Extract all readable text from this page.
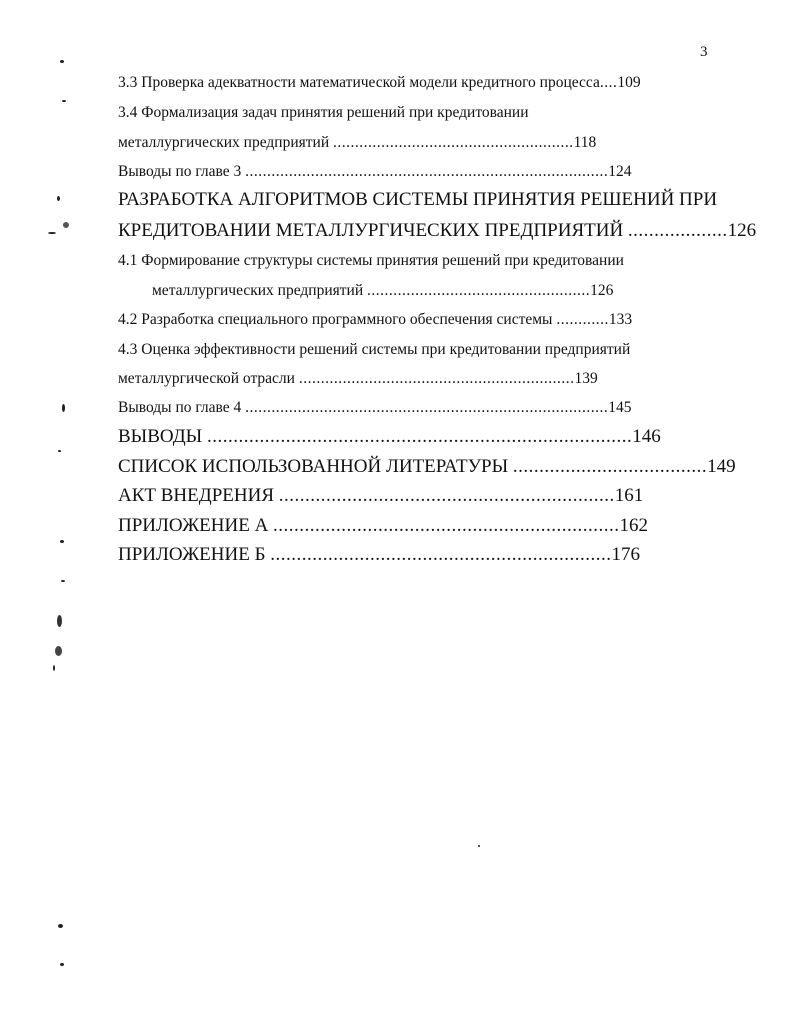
3
3.3 Проверка адекватности математической модели кредитного процесса....109
3.4 Формализация задач принятия решений при кредитовании
металлургических предприятий .......................................................118
Выводы по главе 3 ...................................................................................124
РАЗРАБОТКА АЛГОРИТМОВ СИСТЕМЫ ПРИНЯТИЯ РЕШЕНИЙ ПРИ
КРЕДИТОВАНИИ МЕТАЛЛУРГИЧЕСКИХ ПРЕДПРИЯТИЙ ...................126
4.1 Формирование структуры системы принятия решений при кредитовании
металлургических предприятий ...................................................126
4.2 Разработка специального программного обеспечения системы ............133
4.3 Оценка эффективности решений системы при кредитовании предприятий
металлургической отрасли ...............................................................139
Выводы по главе 4 ...................................................................................145
ВЫВОДЫ .................................................................................146
СПИСОК ИСПОЛЬЗОВАННОЙ ЛИТЕРАТУРЫ .....................................149
АКТ ВНЕДРЕНИЯ ................................................................161
ПРИЛОЖЕНИЕ А ..................................................................162
ПРИЛОЖЕНИЕ Б .................................................................176
